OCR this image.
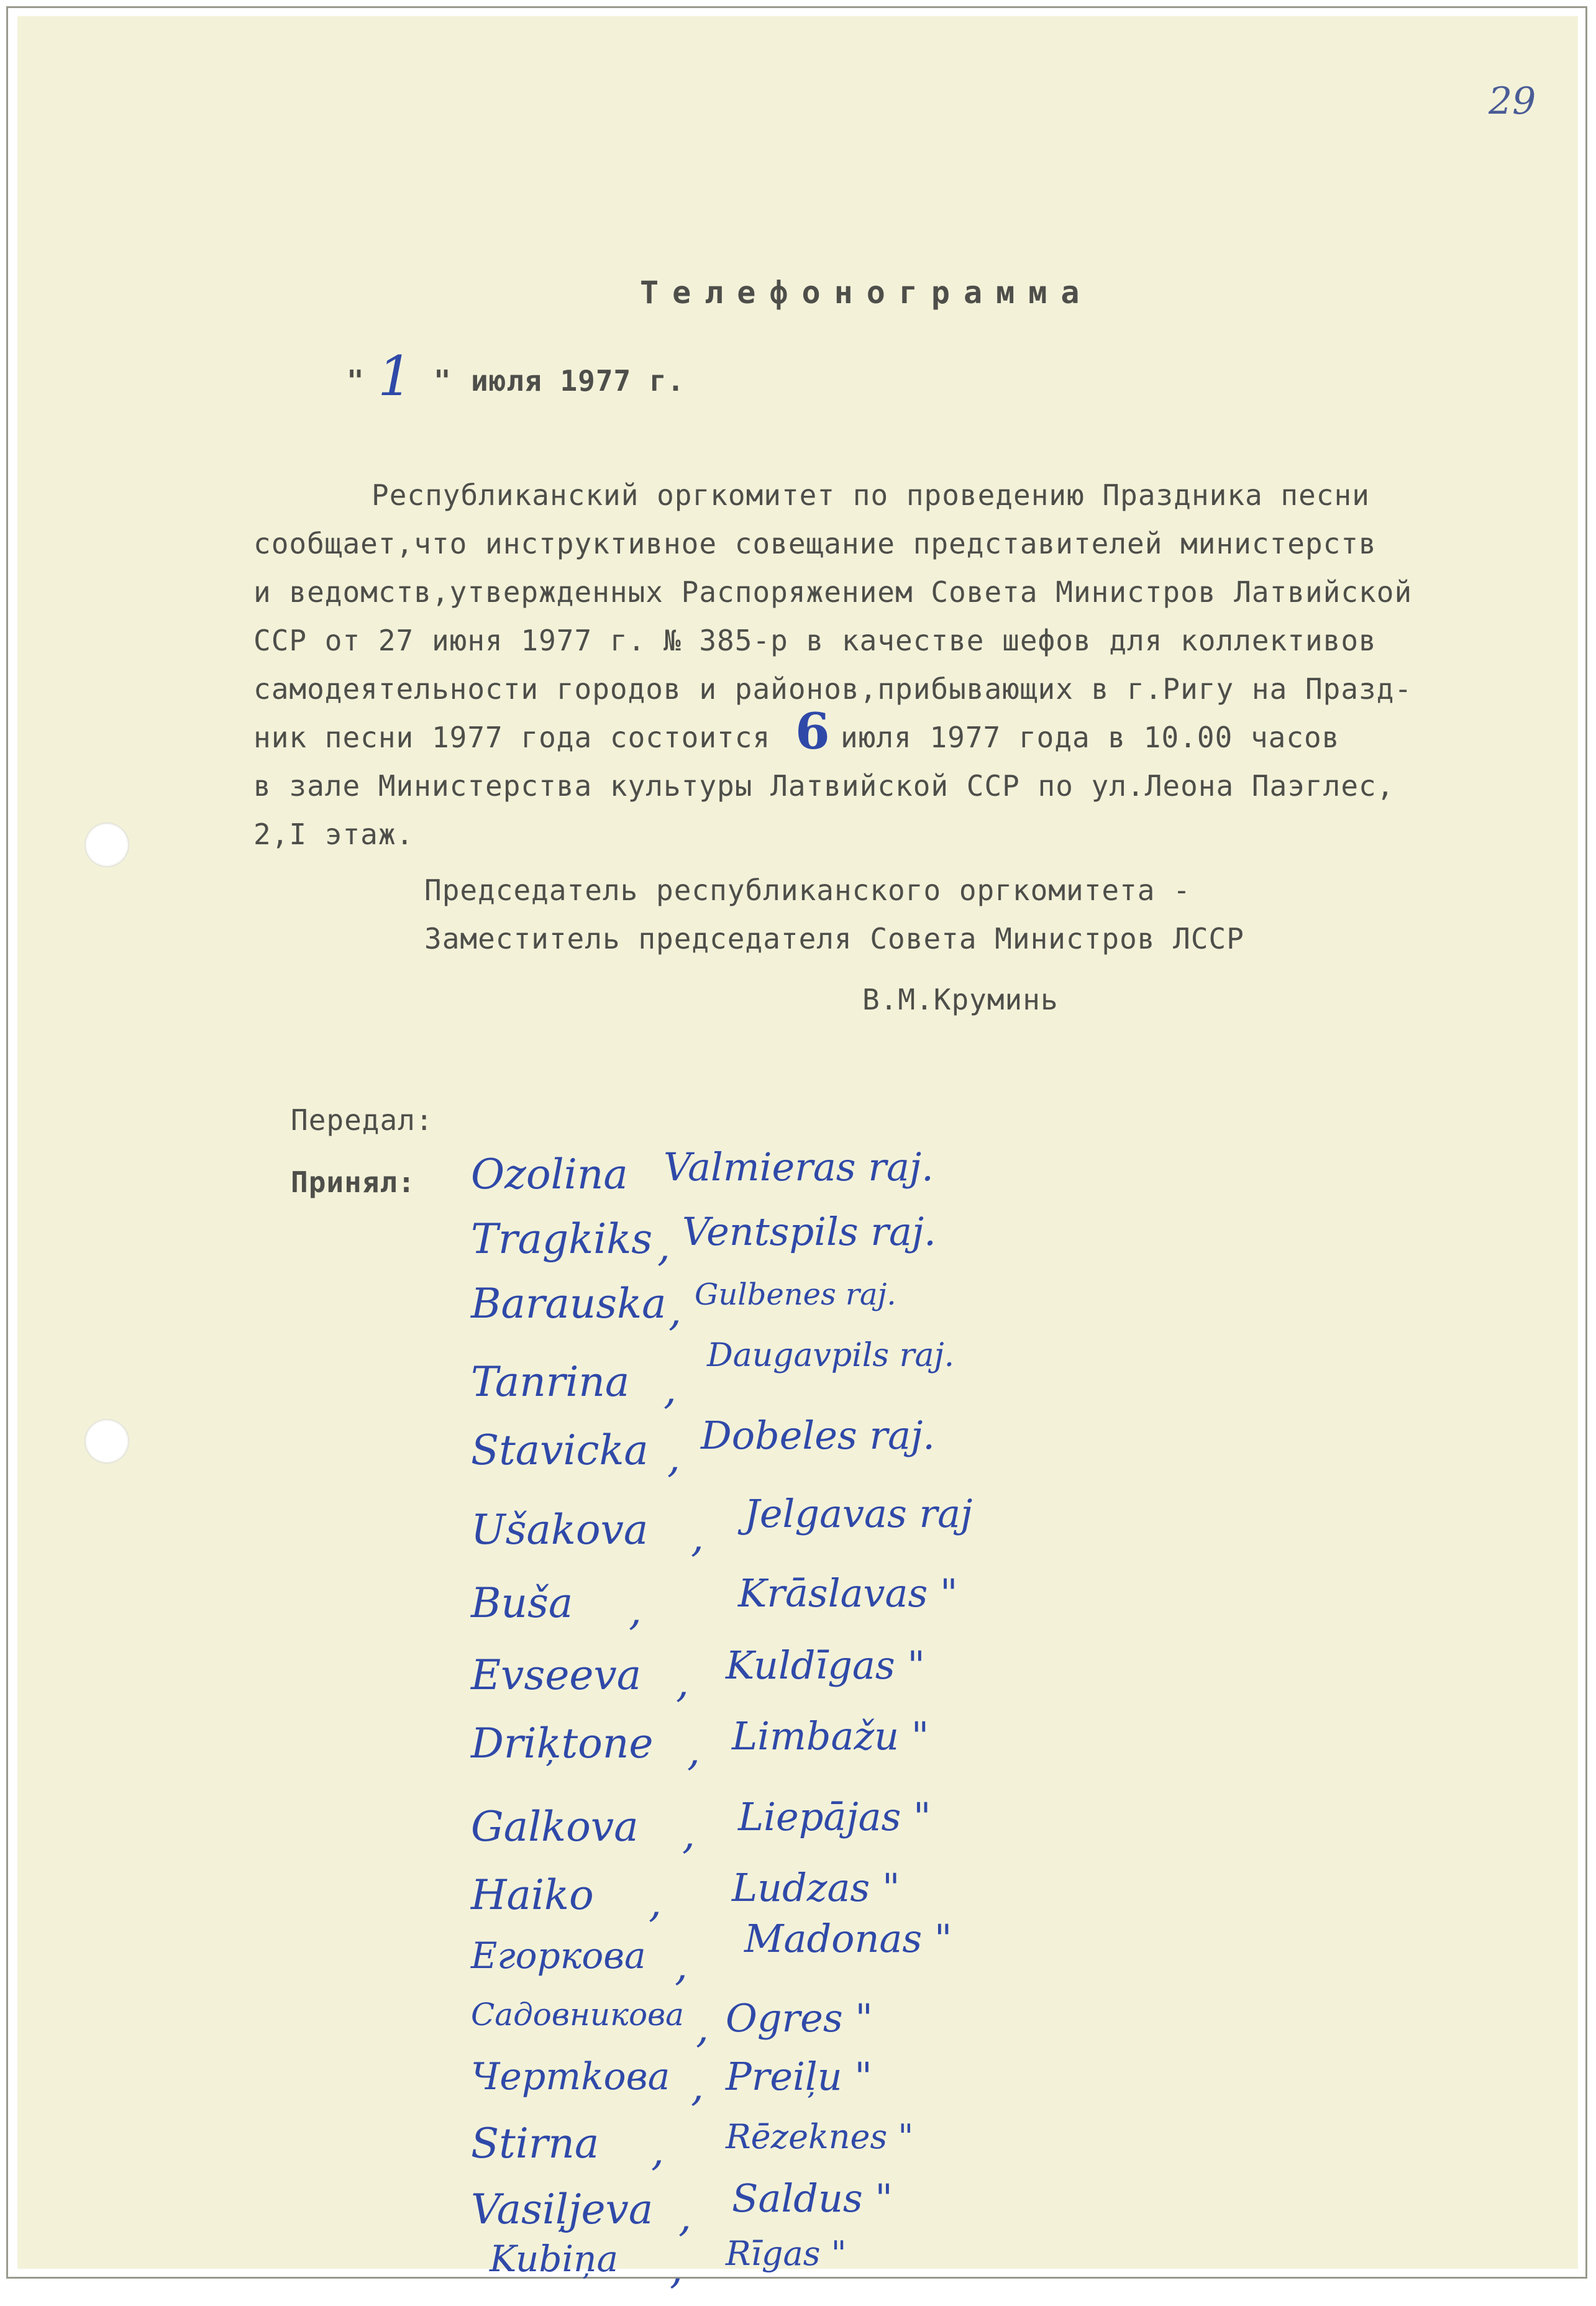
29

Телефонограмма

" 1 " июля 1977 г.

Республиканский оргкомитет по проведению Праздника песни

сообщает,что инструктивное совещание представителей министерств

и ведомств,утвержденных Распоряжением Совета Министров Латвийской

ССР от 27 июня 1977 г. № 385-р в качестве шефов для коллективов

самодеятельности городов и районов,прибывающих в г.Ригу на Празд-

ник песни 1977 года состоится 6 июля 1977 года в 10.00 часов

в зале Министерства культуры Латвийской ССР по ул.Леона Паэглес,

2,I этаж.

Председатель республиканского оргкомитета -

Заместитель председателя Совета Министров ЛССР

В.М.Круминь

Передал:

Принял: Ozolina Valmieras raj.
Tragkiks , Ventspils raj.
Barauska , Gulbenes raj.
Tanrina ,
Daugavpils raj.
Stavicka , Dobeles raj.
Ušakova , Jelgavas raj
Buša ,	Krāslavas "
Evseeva , Kuldīgas "
Driķtone , Limbažu "
Galkova , Liepājas "
Haiko , Ludzas "
Егоркова ,
Madonas "
Садовникова , Ogres "
Чертkова , Preiļu "
Stirna , Rēzeknes "
Vasiļjeva , Saldus "
Kubiņa , Rīgas "
